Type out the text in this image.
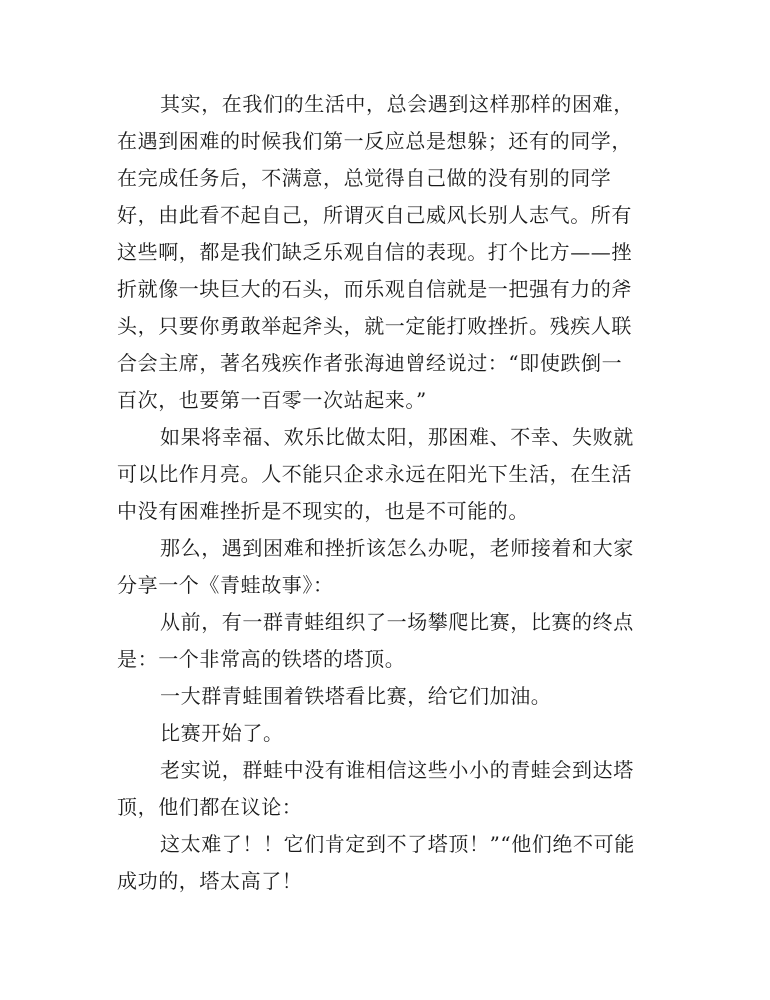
其实，在我们的生活中，总会遇到这样那样的困难，
在遇到困难的时候我们第一反应总是想躲；还有的同学，
在完成任务后，不满意，总觉得自己做的没有别的同学
好，由此看不起自己，所谓灭自己威风长别人志气。所有
这些啊，都是我们缺乏乐观自信的表现。打个比方——挫
折就像一块巨大的石头，而乐观自信就是一把强有力的斧
头，只要你勇敢举起斧头，就一定能打败挫折。残疾人联
合会主席，著名残疾作者张海迪曾经说过：“即使跌倒一
百次，也要第一百零一次站起来。”
如果将幸福、欢乐比做太阳，那困难、不幸、失败就
可以比作月亮。人不能只企求永远在阳光下生活，在生活
中没有困难挫折是不现实的，也是不可能的。
那么，遇到困难和挫折该怎么办呢，老师接着和大家
分享一个《青蛙故事》：
从前，有一群青蛙组织了一场攀爬比赛，比赛的终点
是：一个非常高的铁塔的塔顶。
一大群青蛙围着铁塔看比赛，给它们加油。
比赛开始了。
老实说，群蛙中没有谁相信这些小小的青蛙会到达塔
顶，他们都在议论：
这太难了！！它们肯定到不了塔顶！”“他们绝不可能
成功的，塔太高了！
